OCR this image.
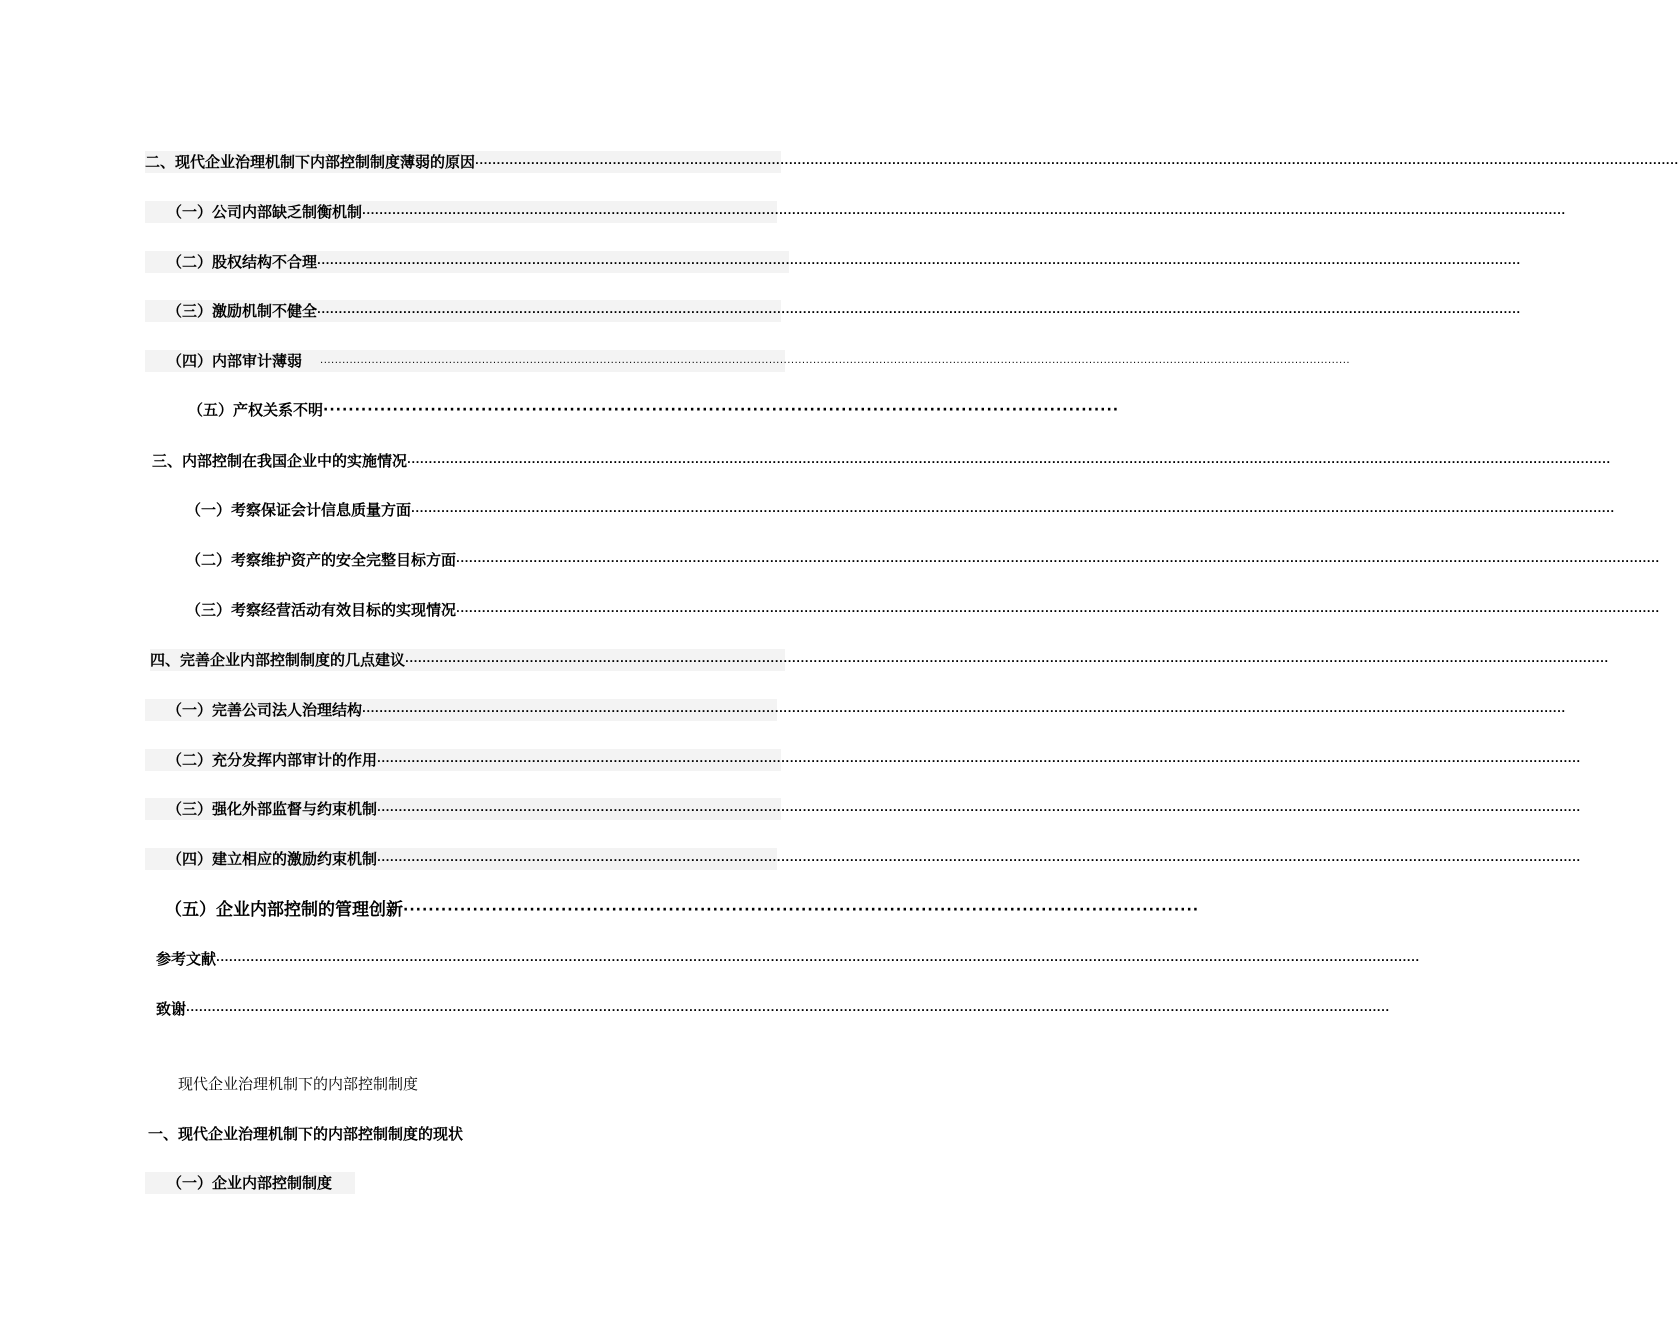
二、现代企业治理机制下内部控制制度薄弱的原因 ........................................................................................................................................................................................................................................................................................
（一）公司内部缺乏制衡机制 ........................................................................................................................................................................................................................................................................................
（二）股权结构不合理 ........................................................................................................................................................................................................................................................................................
（三）激励机制不健全 ........................................................................................................................................................................................................................................................................................
（四）内部审计薄弱 ........................................................................................................................................................................................................................................................................................
（五）产权关系不明 ······························································································································
三、内部控制在我国企业中的实施情况 ........................................................................................................................................................................................................................................................................................
（一）考察保证会计信息质量方面 ........................................................................................................................................................................................................................................................................................
（二）考察维护资产的安全完整目标方面 ........................................................................................................................................................................................................................................................................................
（三）考察经营活动有效目标的实现情况 ........................................................................................................................................................................................................................................................................................
四、完善企业内部控制制度的几点建议 ........................................................................................................................................................................................................................................................................................
（一）完善公司法人治理结构 ........................................................................................................................................................................................................................................................................................
（二）充分发挥内部审计的作用 ........................................................................................................................................................................................................................................................................................
（三）强化外部监督与约束机制 ........................................................................................................................................................................................................................................................................................
（四）建立相应的激励约束机制 ........................................................................................................................................................................................................................................................................................
（五）企业内部控制的管理创新 ······························································································································
参考文献 ........................................................................................................................................................................................................................................................................................
致谢 ........................................................................................................................................................................................................................................................................................
现代企业治理机制下的内部控制制度
一、现代企业治理机制下的内部控制制度的现状
（一）企业内部控制制度
